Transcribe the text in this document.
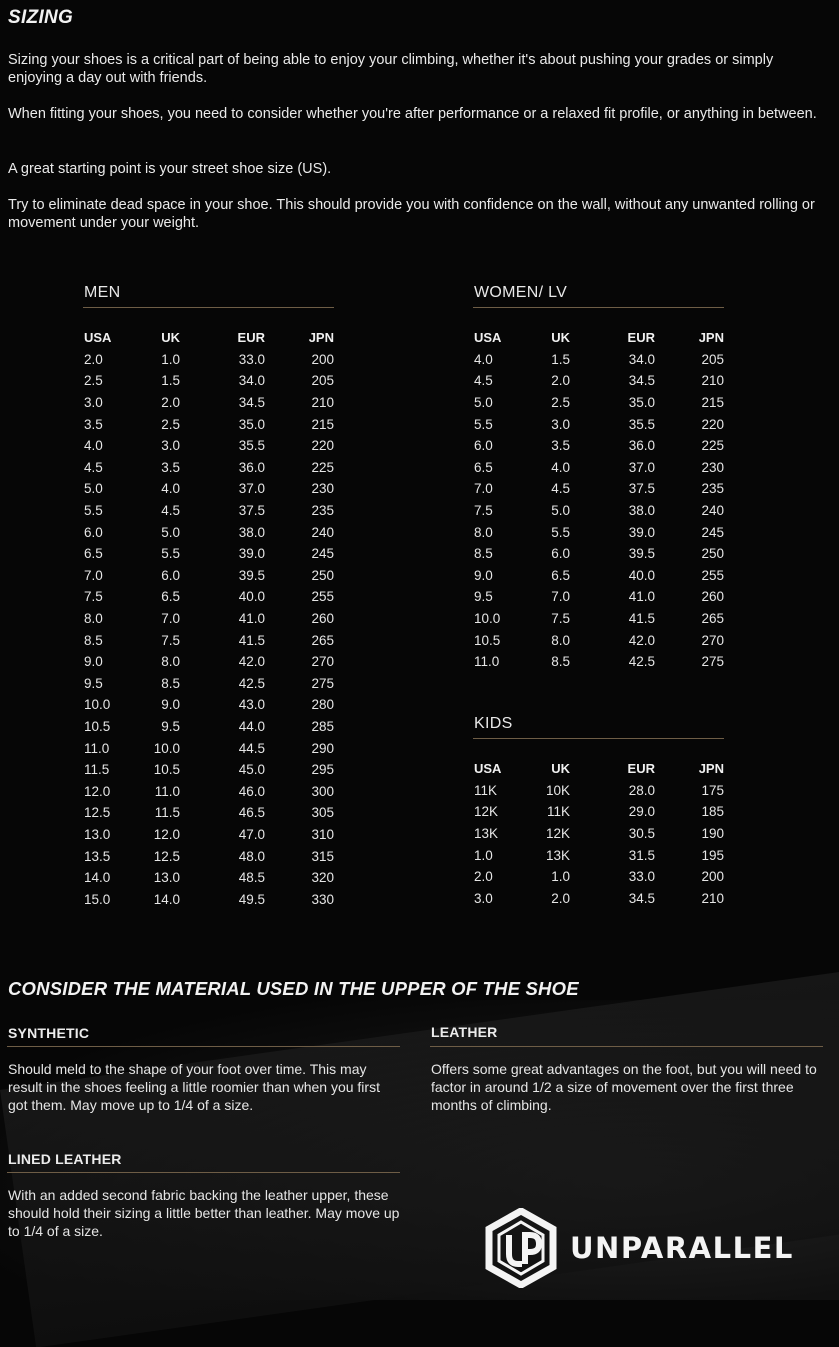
SIZING

Sizing your shoes is a critical part of being able to enjoy your climbing, whether it's about pushing your grades or simply enjoying a day out with friends.

When fitting your shoes, you need to consider whether you're after performance or a relaxed fit profile, or anything in between.

A great starting point is your street shoe size (US).

Try to eliminate dead space in your shoe. This should provide you with confidence on the wall, without any unwanted rolling or movement under your weight.

MEN
USA	UK	EUR	JPN
2.0	1.0	33.0	200
2.5	1.5	34.0	205
3.0	2.0	34.5	210
3.5	2.5	35.0	215
4.0	3.0	35.5	220
4.5	3.5	36.0	225
5.0	4.0	37.0	230
5.5	4.5	37.5	235
6.0	5.0	38.0	240
6.5	5.5	39.0	245
7.0	6.0	39.5	250
7.5	6.5	40.0	255
8.0	7.0	41.0	260
8.5	7.5	41.5	265
9.0	8.0	42.0	270
9.5	8.5	42.5	275
10.0	9.0	43.0	280
10.5	9.5	44.0	285
11.0	10.0	44.5	290
11.5	10.5	45.0	295
12.0	11.0	46.0	300
12.5	11.5	46.5	305
13.0	12.0	47.0	310
13.5	12.5	48.0	315
14.0	13.0	48.5	320
15.0	14.0	49.5	330
WOMEN/ LV
USA	UK	EUR	JPN
4.0	1.5	34.0	205
4.5	2.0	34.5	210
5.0	2.5	35.0	215
5.5	3.0	35.5	220
6.0	3.5	36.0	225
6.5	4.0	37.0	230
7.0	4.5	37.5	235
7.5	5.0	38.0	240
8.0	5.5	39.0	245
8.5	6.0	39.5	250
9.0	6.5	40.0	255
9.5	7.0	41.0	260
10.0	7.5	41.5	265
10.5	8.0	42.0	270
11.0	8.5	42.5	275
KIDS
USA	UK	EUR	JPN
11K	10K	28.0	175
12K	11K	29.0	185
13K	12K	30.5	190
1.0	13K	31.5	195
2.0	1.0	33.0	200
3.0	2.0	34.5	210
CONSIDER THE MATERIAL USED IN THE UPPER OF THE SHOE
SYNTHETIC

Should meld to the shape of your foot over time. This may result in the shoes feeling a little roomier than when you first got them. May move up to 1/4 of a size.

LEATHER

Offers some great advantages on the foot, but you will need to factor in around 1/2 a size of movement over the first three months of climbing.

LINED LEATHER

With an added second fabric backing the leather upper, these should hold their sizing a little better than leather. May move up to 1/4 of a size.	UNPARALLEL
